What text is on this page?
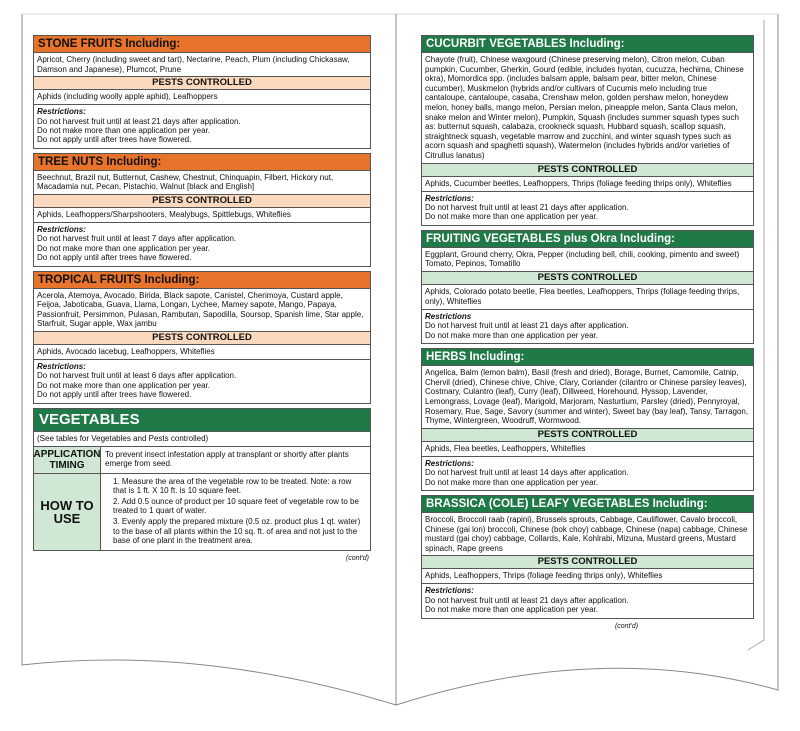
STONE FRUITS Including:
Apricot, Cherry (including sweet and tart), Nectarine, Peach, Plum (including Chickasaw, Damson and Japanese), Plumcot, Prune
PESTS CONTROLLED
Aphids (including woolly apple aphid), Leafhoppers
Restrictions:
Do not harvest fruit until at least 21 days after application.
Do not make more than one application per year.
Do not apply until after trees have flowered.
TREE NUTS Including:
Beechnut, Brazil nut, Butternut, Cashew, Chestnut, Chinquapin, Filbert, Hickory nut, Macadamia nut, Pecan, Pistachio, Walnut [black and English]
PESTS CONTROLLED
Aphids, Leafhoppers/Sharpshooters, Mealybugs, Spittlebugs, Whiteflies
Restrictions:
Do not harvest fruit until at least 7 days after application.
Do not make more than one application per year.
Do not apply until after trees have flowered.
TROPICAL FRUITS Including:
Acerola, Atemoya, Avocado, Birida, Black sapote, Canistel, Cherimoya, Custard apple, Feijoa, Jaboticaba, Guava, Llama, Longan, Lychee, Mamey sapote, Mango, Papaya, Passionfruit, Persimmon, Pulasan, Rambutan, Sapodilla, Soursop, Spanish lime, Star apple, Starfruit, Sugar apple, Wax jambu
PESTS CONTROLLED
Aphids, Avocado lacebug, Leafhoppers, Whiteflies
Restrictions:
Do not harvest fruit until at least 6 days after application.
Do not make more than one application per year.
Do not apply until after trees have flowered.
VEGETABLES
(See tables for Vegetables and Pests controlled)
APPLICATION TIMING
To prevent insect infestation apply at transplant or shortly after plants emerge from seed.
HOW TO USE
1. Measure the area of the vegetable row to be treated. Note: a row that is 1 ft. X 10 ft. is 10 square feet.
2. Add 0.5 ounce of product per 10 square feet of vegetable row to be treated to 1 quart of water.
3. Evenly apply the prepared mixture (0.5 oz. product plus 1 qt. water) to the base of all plants within the 10 sq. ft. of area and not just to the base of one plant in the treatment area.
(cont'd)
CUCURBIT VEGETABLES Including:
Chayote (fruit), Chinese waxgourd (Chinese preserving melon), Citron melon, Cuban pumpkin, Cucumber, Gherkin, Gourd (edible, includes hyotan, cucuzza, hechima, Chinese okra), Momordica spp. (includes balsam apple, balsam pear, bitter melon, Chinese cucumber), Muskmelon (hybrids and/or cultivars of Cucumis melo including true cantaloupe, cantaloupe, casaba, Crenshaw melon, golden pershaw melon, honeydew melon, honey balls, mango melon, Persian melon, pineapple melon, Santa Claus melon, snake melon and Winter melon), Pumpkin, Squash (includes summer squash types such as: butternut squash, calabaza, crookneck squash, Hubbard squash, scallop squash, straightneck squash, vegetable marrow and zucchini, and winter squash types such as acorn squash and spaghetti squash), Watermelon (includes hybrids and/or varieties of Citrullus lanatus)
PESTS CONTROLLED
Aphids, Cucumber beetles, Leafhoppers, Thrips (foliage feeding thrips only), Whiteflies
Restrictions:
Do not harvest fruit until at least 21 days after application.
Do not make more than one application per year.
FRUITING VEGETABLES plus Okra Including:
Eggplant, Ground cherry, Okra, Pepper (including bell, chili, cooking, pimento and sweet) Tomato, Pepinos, Tomatillo
PESTS CONTROLLED
Aphids, Colorado potato beetle, Flea beetles, Leafhoppers, Thrips (foliage feeding thrips, only), Whiteflies
Restrictions
Do not harvest fruit until at least 21 days after application.
Do not make more than one application per year.
HERBS Including:
Angelica, Balm (lemon balm), Basil (fresh and dried), Borage, Burnet, Camomile, Catnip, Chervil (dried), Chinese chive, Chive, Clary, Coriander (cilantro or Chinese parsley leaves), Costmary, Culantro (leaf), Curry (leaf), Dillweed, Horehound, Hyssop, Lavender, Lemongrass, Lovage (leaf), Marigold, Marjoram, Nasturtium, Parsley (dried), Pennyroyal, Rosemary, Rue, Sage, Savory (summer and winter), Sweet bay (bay leaf), Tansy, Tarragon, Thyme, Wintergreen, Woodruff, Wormwood.
PESTS CONTROLLED
Aphids, Flea beetles, Leafhoppers, Whiteflies
Restrictions:
Do not harvest fruit until at least 14 days after application.
Do not make more than one application per year.
BRASSICA (COLE) LEAFY VEGETABLES Including:
Broccoli, Broccoli raab (rapini), Brussels sprouts, Cabbage, Cauliflower, Cavalo broccoli, Chinese (gai lon) broccoli, Chinese (bok choy) cabbage, Chinese (napa) cabbage, Chinese mustard (gai choy) cabbage, Collards, Kale, Kohlrabi, Mizuna, Mustard greens, Mustard spinach, Rape greens
PESTS CONTROLLED
Aphids, Leafhoppers, Thrips (foliage feeding thrips only), Whiteflies
Restrictions:
Do not harvest fruit until at least 21 days after application.
Do not make more than one application per year.
(cont'd)
